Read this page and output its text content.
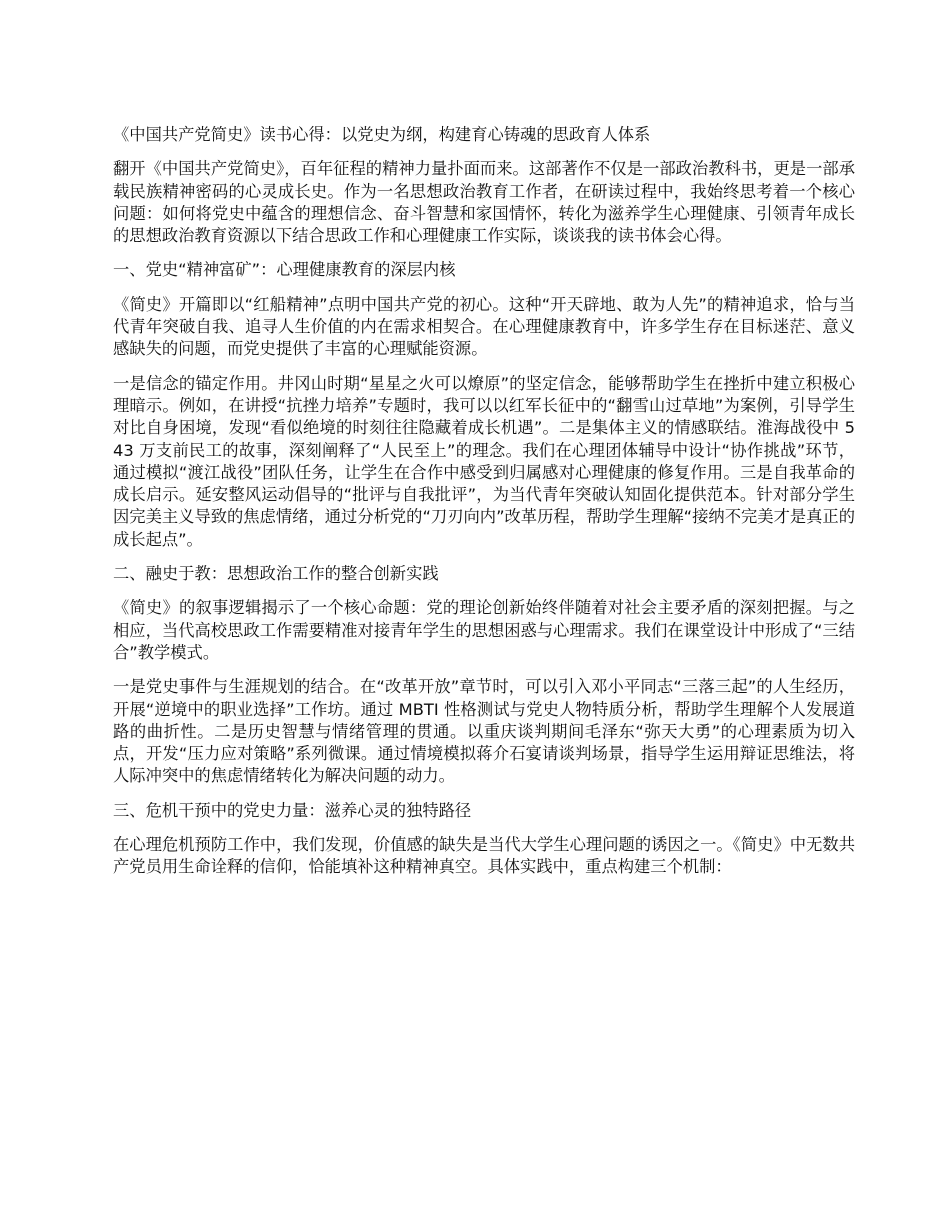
《中国共产党简史》读书心得：以党史为纲，构建育心铸魂的思政育人体系

翻开《中国共产党简史》，百年征程的精神力量扑面而来。这部著作不仅是一部政治教科书，更是一部承载民族精神密码的心灵成长史。作为一名思想政治教育工作者，在研读过程中，我始终思考着一个核心问题：如何将党史中蕴含的理想信念、奋斗智慧和家国情怀，转化为滋养学生心理健康、引领青年成长的思想政治教育资源以下结合思政工作和心理健康工作实际，谈谈我的读书体会心得。

一、党史“精神富矿”：心理健康教育的深层内核

《简史》开篇即以“红船精神”点明中国共产党的初心。这种“开天辟地、敢为人先”的精神追求，恰与当代青年突破自我、追寻人生价值的内在需求相契合。在心理健康教育中，许多学生存在目标迷茫、意义感缺失的问题，而党史提供了丰富的心理赋能资源。

一是信念的锚定作用。井冈山时期“星星之火可以燎原”的坚定信念，能够帮助学生在挫折中建立积极心理暗示。例如，在讲授“抗挫力培养”专题时，我可以以红军长征中的“翻雪山过草地”为案例，引导学生对比自身困境，发现“看似绝境的时刻往往隐藏着成长机遇”。二是集体主义的情感联结。淮海战役中 543 万支前民工的故事，深刻阐释了“人民至上”的理念。我们在心理团体辅导中设计“协作挑战”环节，通过模拟“渡江战役”团队任务，让学生在合作中感受到归属感对心理健康的修复作用。三是自我革命的成长启示。延安整风运动倡导的“批评与自我批评”，为当代青年突破认知固化提供范本。针对部分学生因完美主义导致的焦虑情绪，通过分析党的“刀刃向内”改革历程，帮助学生理解“接纳不完美才是真正的成长起点”。

二、融史于教：思想政治工作的整合创新实践

《简史》的叙事逻辑揭示了一个核心命题：党的理论创新始终伴随着对社会主要矛盾的深刻把握。与之相应，当代高校思政工作需要精准对接青年学生的思想困惑与心理需求。我们在课堂设计中形成了“三结合”教学模式。

一是党史事件与生涯规划的结合。在“改革开放”章节时，可以引入邓小平同志“三落三起”的人生经历，开展“逆境中的职业选择”工作坊。通过 MBTI 性格测试与党史人物特质分析，帮助学生理解个人发展道路的曲折性。二是历史智慧与情绪管理的贯通。以重庆谈判期间毛泽东“弥天大勇”的心理素质为切入点，开发“压力应对策略”系列微课。通过情境模拟蒋介石宴请谈判场景，指导学生运用辩证思维法，将人际冲突中的焦虑情绪转化为解决问题的动力。

三、危机干预中的党史力量：滋养心灵的独特路径

在心理危机预防工作中，我们发现，价值感的缺失是当代大学生心理问题的诱因之一。《简史》中无数共产党员用生命诠释的信仰，恰能填补这种精神真空。具体实践中，重点构建三个机制：
